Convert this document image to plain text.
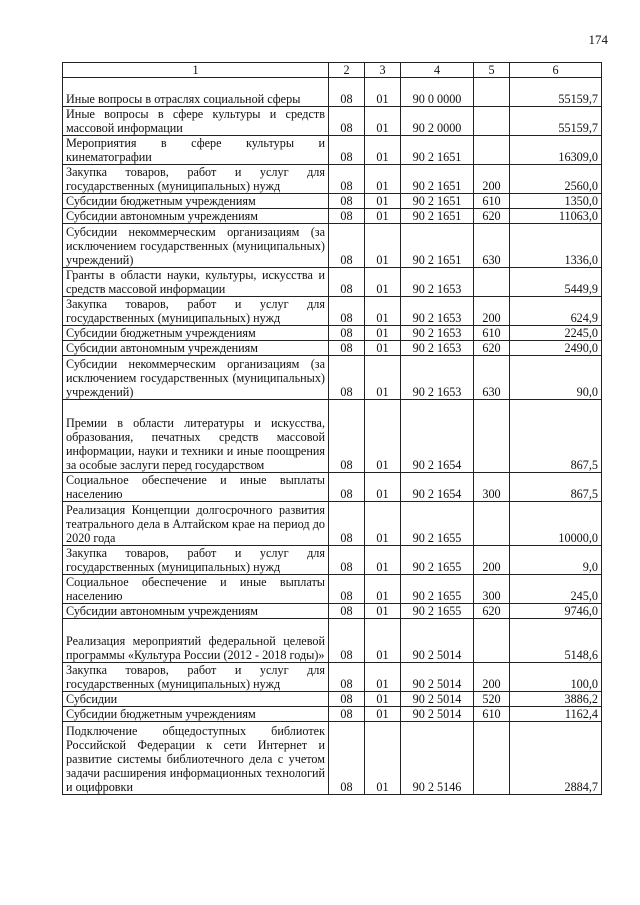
174
1	2	3	4	5	6
Иные вопросы в отраслях социальной сферы	08	01	90 0 0000		55159,7
Иные вопросы в сфере культуры и средств массовой информации	08	01	90 2 0000		55159,7
Мероприятия в сфере культуры и кинематографии	08	01	90 2 1651		16309,0
Закупка товаров, работ и услуг для государственных (муниципальных) нужд	08	01	90 2 1651	200	2560,0
Субсидии бюджетным учреждениям	08	01	90 2 1651	610	1350,0
Субсидии автономным учреждениям	08	01	90 2 1651	620	11063,0
Субсидии некоммерческим организациям (за исключением государственных (муниципальных) учреждений)	08	01	90 2 1651	630	1336,0
Гранты в области науки, культуры, искусства и средств массовой информации	08	01	90 2 1653		5449,9
Закупка товаров, работ и услуг для государственных (муниципальных) нужд	08	01	90 2 1653	200	624,9
Субсидии бюджетным учреждениям	08	01	90 2 1653	610	2245,0
Субсидии автономным учреждениям	08	01	90 2 1653	620	2490,0
Субсидии некоммерческим организациям (за исключением государственных (муниципальных) учреждений)	08	01	90 2 1653	630	90,0
Премии в области литературы и искусства, образования, печатных средств массовой информации, науки и техники и иные поощрения за особые заслуги перед государством	08	01	90 2 1654		867,5
Социальное обеспечение и иные выплаты населению	08	01	90 2 1654	300	867,5
Реализация Концепции долгосрочного развития театрального дела в Алтайском крае на период до 2020 года	08	01	90 2 1655		10000,0
Закупка товаров, работ и услуг для государственных (муниципальных) нужд	08	01	90 2 1655	200	9,0
Социальное обеспечение и иные выплаты населению	08	01	90 2 1655	300	245,0
Субсидии автономным учреждениям	08	01	90 2 1655	620	9746,0
Реализация мероприятий федеральной целевой программы «Культура России (2012 - 2018 годы)»	08	01	90 2 5014		5148,6
Закупка товаров, работ и услуг для государственных (муниципальных) нужд	08	01	90 2 5014	200	100,0
Субсидии	08	01	90 2 5014	520	3886,2
Субсидии бюджетным учреждениям	08	01	90 2 5014	610	1162,4
Подключение общедоступных библиотек Российской Федерации к сети Интернет и развитие системы библиотечного дела с учетом задачи расширения информационных технологий и оцифровки	08	01	90 2 5146		2884,7
